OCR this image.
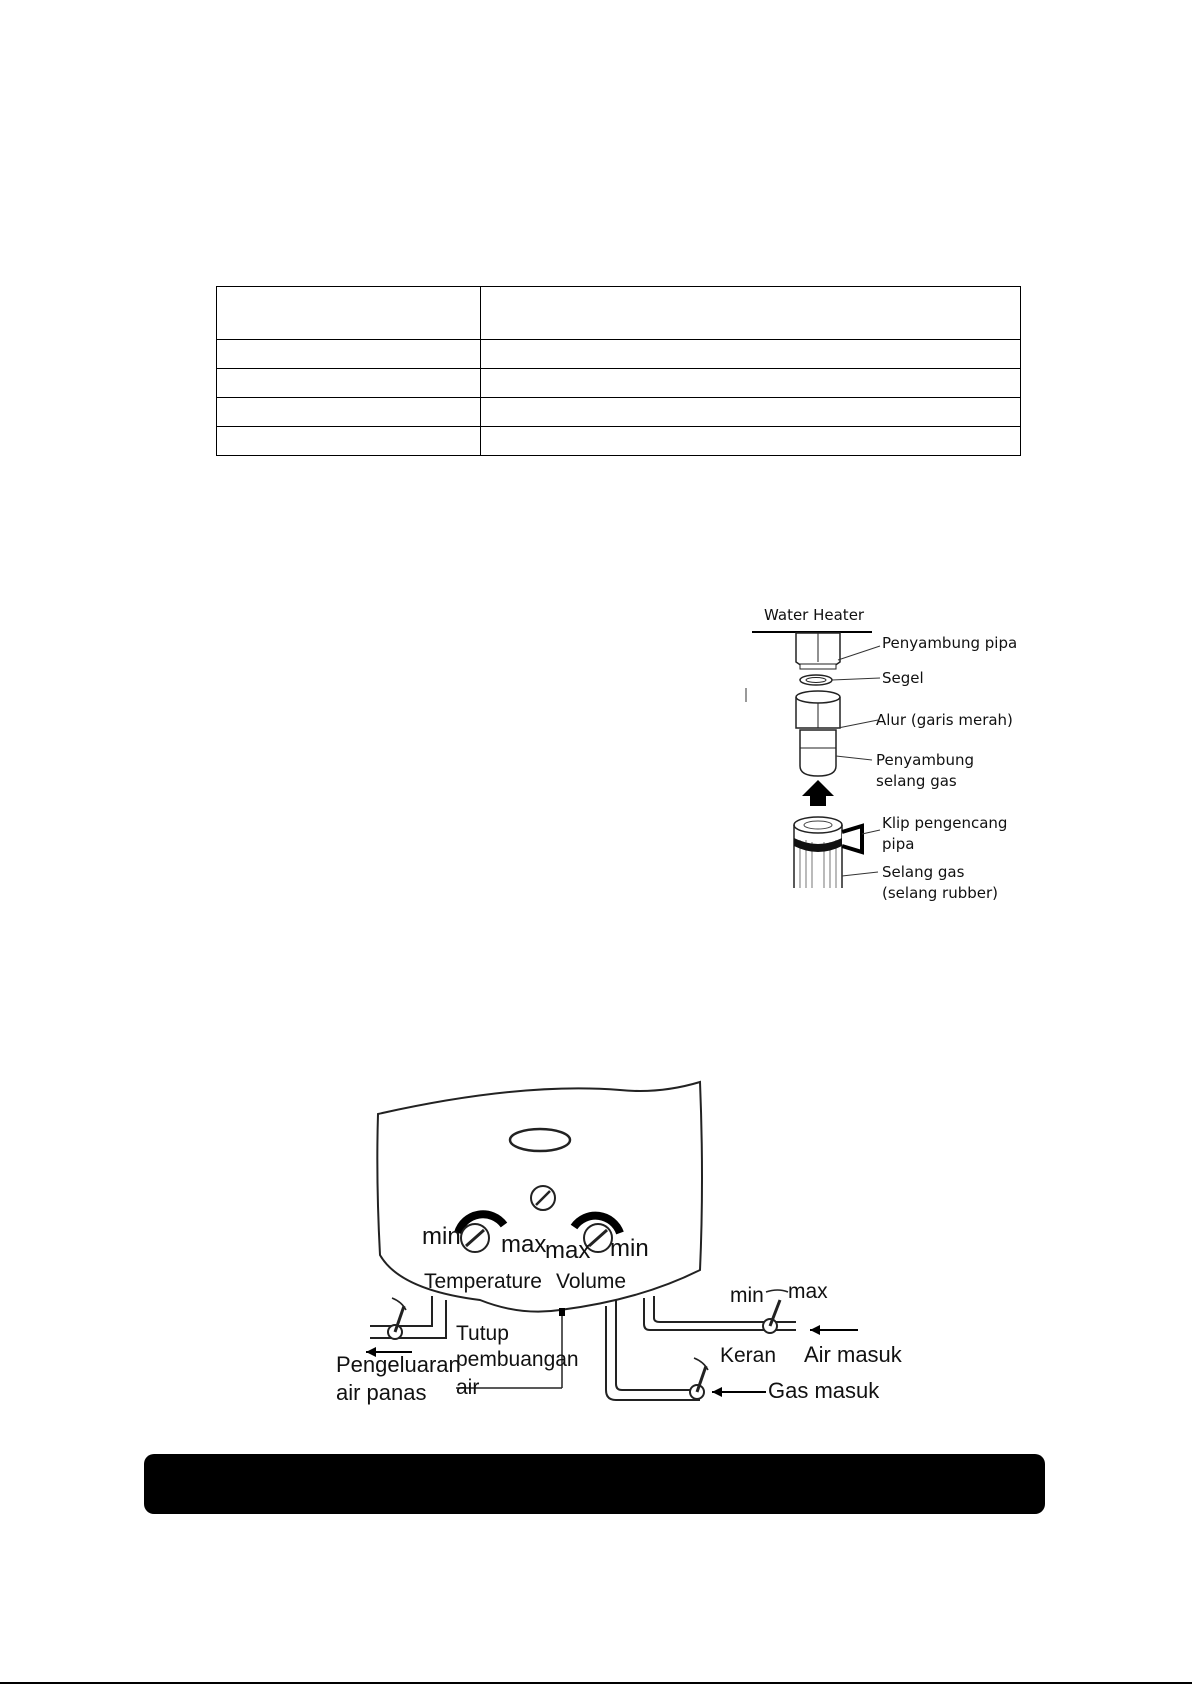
Water Heater
Penyambung pipa
Segel
Alur (garis merah)
Penyambung
selang gas
Klip pengencang
pipa
Selang gas
(selang rubber)
min max
max min
Temperature Volume
Tutup
pembuangan
air
Pengeluaran
air panas
min max
Keran Air masuk
Gas masuk
